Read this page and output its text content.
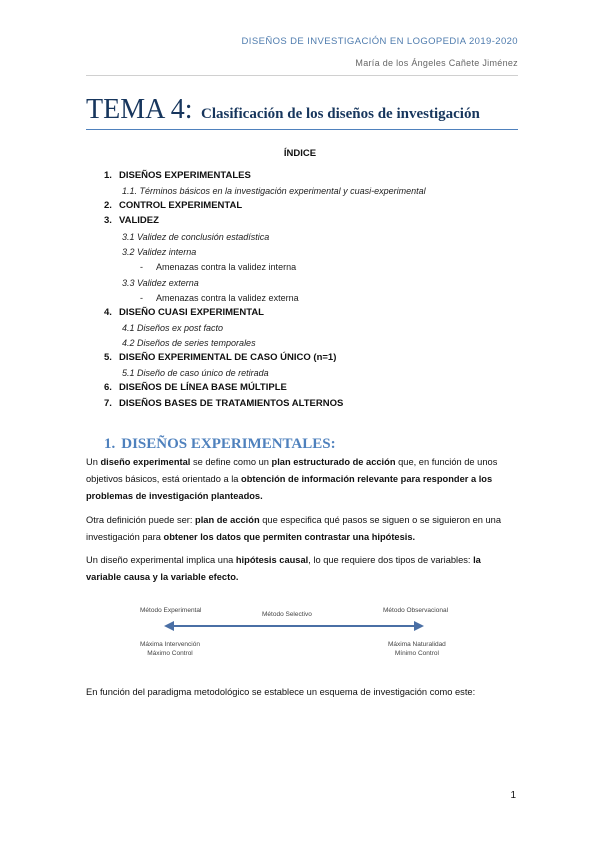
DISEÑOS DE INVESTIGACIÓN EN LOGOPEDIA 2019-2020
María de los Ángeles Cañete Jiménez
TEMA 4: Clasificación de los diseños de investigación
ÍNDICE
1. DISEÑOS EXPERIMENTALES
1.1. Términos básicos en la investigación experimental y cuasi-experimental
2. CONTROL EXPERIMENTAL
3. VALIDEZ
3.1 Validez de conclusión estadística
3.2 Validez interna
- Amenazas contra la validez interna
3.3 Validez externa
- Amenazas contra la validez externa
4. DISEÑO CUASI EXPERIMENTAL
4.1 Diseños ex post facto
4.2 Diseños de series temporales
5. DISEÑO EXPERIMENTAL DE CASO ÚNICO (n=1)
5.1 Diseño de caso único de retirada
6. DISEÑOS DE LÍNEA BASE MÚLTIPLE
7. DISEÑOS BASES DE TRATAMIENTOS ALTERNOS
1. DISEÑOS EXPERIMENTALES:
Un diseño experimental se define como un plan estructurado de acción que, en función de unos objetivos básicos, está orientado a la obtención de información relevante para responder a los problemas de investigación planteados.
Otra definición puede ser: plan de acción que especifica qué pasos se siguen o se siguieron en una investigación para obtener los datos que permiten contrastar una hipótesis.
Un diseño experimental implica una hipótesis causal, lo que requiere dos tipos de variables: la variable causa y la variable efecto.
Método Experimental
Método Selectivo
Método Observacional
Máxima Intervención
Máximo Control
Máxima Naturalidad
Mínimo Control
En función del paradigma metodológico se establece un esquema de investigación como este:
1
